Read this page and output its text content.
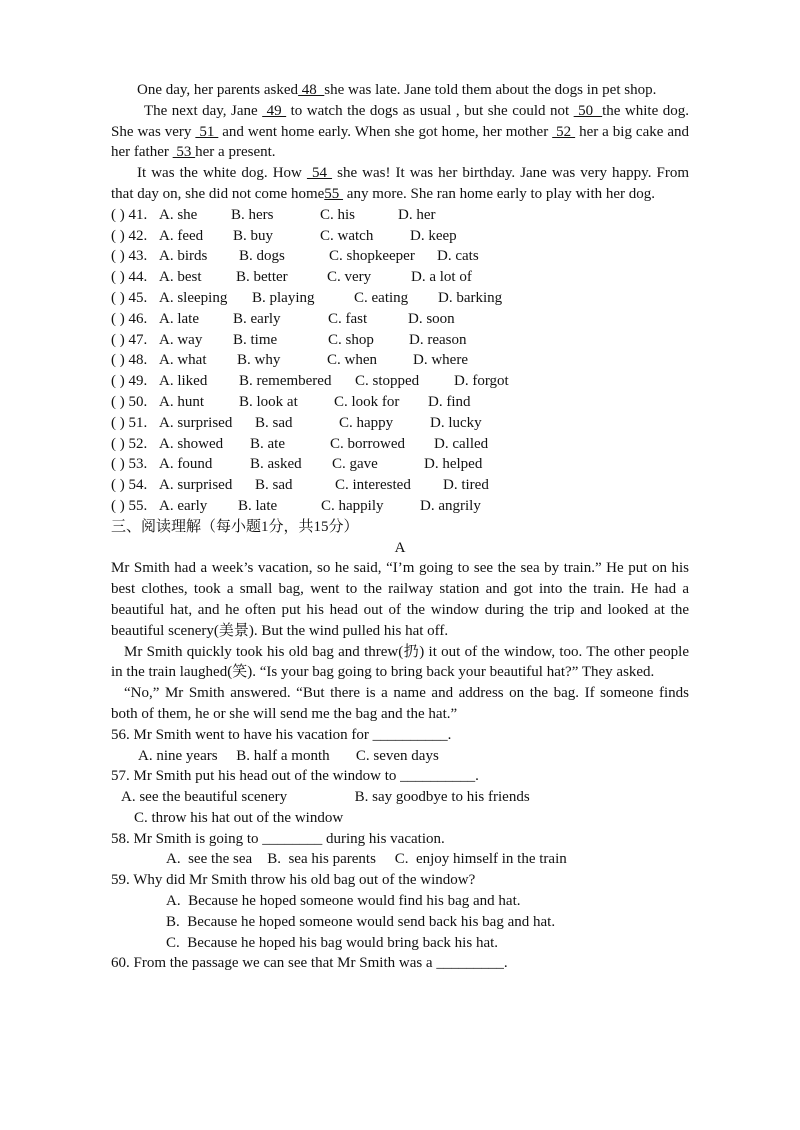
One day, her parents asked 48  she was late. Jane told them about the dogs in pet shop.

The next day, Jane  49  to watch the dogs as usual , but she could not  50  the white dog. She was very  51  and went home early. When she got home, her mother  52  her a big cake and her father  53 her a present.

It was the white dog. How  54  she was! It was her birthday. Jane was very happy. From that day on, she did not come home55  any more. She ran home early to play with her dog.

( ) 41. A. she	B. hers	C. his	D. her
( ) 42. A. feed	B. buy	C. watch	D. keep
( ) 43. A. birds	B. dogs	C. shopkeeper	D. cats
( ) 44. A. best	B. better	C. very	D. a lot of
( ) 45. A. sleeping	B. playing	C. eating	D. barking
( ) 46. A. late	B. early	C. fast	D. soon
( ) 47. A. way	B. time	C. shop	D. reason
( ) 48. A. what	B. why	C. when	D. where
( ) 49. A. liked	B. remembered	C. stopped	D. forgot
( ) 50. A. hunt	B. look at	C. look for	D. find
( ) 51. A. surprised	B. sad	C. happy	D. lucky
( ) 52. A. showed	B. ate	C. borrowed	D. called
( ) 53. A. found	B. asked	C. gave	D. helped
( ) 54. A. surprised	B. sad	C. interested	D. tired
( ) 55. A. early	B. late	C. happily	D. angrily

三、阅读理解（每小题1分，共15分）

A

Mr Smith had a week’s vacation, so he said, “I’m going to see the sea by train.” He put on his best clothes, took a small bag, went to the railway station and got into the train. He had a beautiful hat, and he often put his head out of the window during the trip and looked at the beautiful scenery(美景). But the wind pulled his hat off.

Mr Smith quickly took his old bag and threw(扔) it out of the window, too. The other people in the train laughed(笑). “Is your bag going to bring back your beautiful hat?” They asked.

“No,” Mr Smith answered. “But there is a name and address on the bag. If someone finds both of them, he or she will send me the bag and the hat.”

56. Mr Smith went to have his vacation for __________.

A. nine years     B. half a month       C. seven days

57. Mr Smith put his head out of the window to __________.

A. see the beautiful scenery                  B. say goodbye to his friends

C. throw his hat out of the window

58. Mr Smith is going to ________ during his vacation.

A.  see the sea    B.  sea his parents     C.  enjoy himself in the train

59. Why did Mr Smith throw his old bag out of the window?

A.  Because he hoped someone would find his bag and hat.

B.  Because he hoped someone would send back his bag and hat.

C.  Because he hoped his bag would bring back his hat.

60. From the passage we can see that Mr Smith was a _________.
